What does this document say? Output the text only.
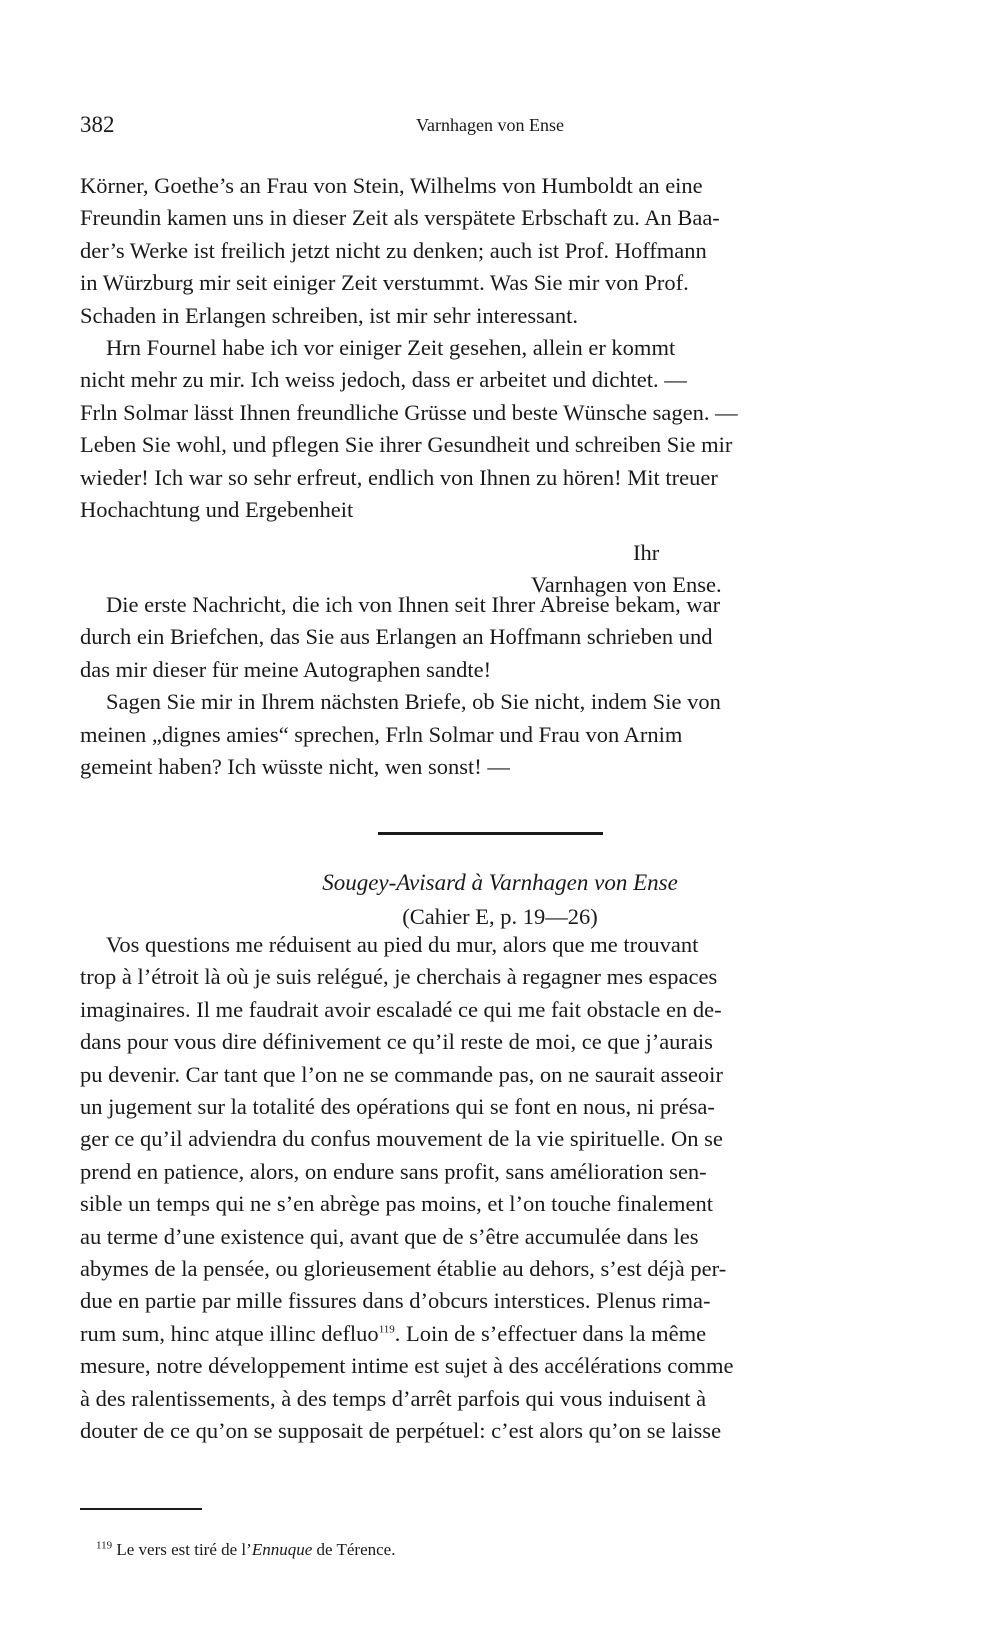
382	Varnhagen von Ense

Körner, Goethe’s an Frau von Stein, Wilhelms von Humboldt an eine
Freundin kamen uns in dieser Zeit als verspätete Erbschaft zu. An Baa-
der’s Werke ist freilich jetzt nicht zu denken; auch ist Prof. Hoffmann
in Würzburg mir seit einiger Zeit verstummt. Was Sie mir von Prof.
Schaden in Erlangen schreiben, ist mir sehr interessant.

Hrn Fournel habe ich vor einiger Zeit gesehen, allein er kommt
nicht mehr zu mir. Ich weiss jedoch, dass er arbeitet und dichtet. —
Frln Solmar lässt Ihnen freundliche Grüsse und beste Wünsche sagen. —
Leben Sie wohl, und pflegen Sie ihrer Gesundheit und schreiben Sie mir
wieder! Ich war so sehr erfreut, endlich von Ihnen zu hören! Mit treuer
Hochachtung und Ergebenheit

Ihr
Varnhagen von Ense.

Die erste Nachricht, die ich von Ihnen seit Ihrer Abreise bekam, war
durch ein Briefchen, das Sie aus Erlangen an Hoffmann schrieben und
das mir dieser für meine Autographen sandte!

Sagen Sie mir in Ihrem nächsten Briefe, ob Sie nicht, indem Sie von
meinen „dignes amies“ sprechen, Frln Solmar und Frau von Arnim
gemeint haben? Ich wüsste nicht, wen sonst! —

Sougey-Avisard à Varnhagen von Ense
(Cahier E, p. 19—26)

Vos questions me réduisent au pied du mur, alors que me trouvant
trop à l’étroit là où je suis relégué, je cherchais à regagner mes espaces
imaginaires. Il me faudrait avoir escaladé ce qui me fait obstacle en de-
dans pour vous dire définivement ce qu’il reste de moi, ce que j’aurais
pu devenir. Car tant que l’on ne se commande pas, on ne saurait asseoir
un jugement sur la totalité des opérations qui se font en nous, ni présa-
ger ce qu’il adviendra du confus mouvement de la vie spirituelle. On se
prend en patience, alors, on endure sans profit, sans amélioration sen-
sible un temps qui ne s’en abrège pas moins, et l’on touche finalement
au terme d’une existence qui, avant que de s’être accumulée dans les
abymes de la pensée, ou glorieusement établie au dehors, s’est déjà per-
due en partie par mille fissures dans d’obcurs interstices. Plenus rima-
rum sum, hinc atque illinc defluo$^{119}$. Loin de s’effectuer dans la même
mesure, notre développement intime est sujet à des accélérations comme
à des ralentissements, à des temps d’arrêt parfois qui vous induisent à
douter de ce qu’on se supposait de perpétuel: c’est alors qu’on se laisse

$^{119}$ Le vers est tiré de l’Ennuque de Térence.
